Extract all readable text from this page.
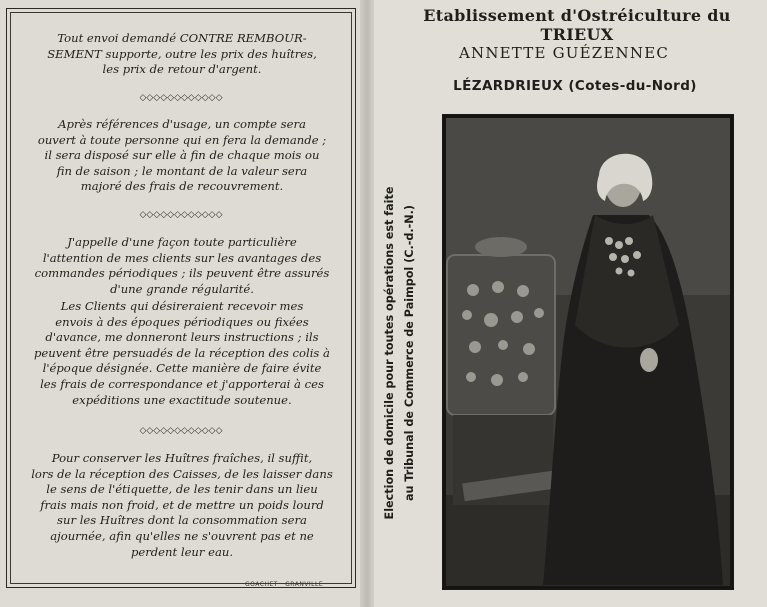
Tout envoi demandé CONTRE REMBOUR-
SEMENT supporte, outre les prix des huîtres,
les prix de retour d'argent.
◇◇◇◇◇◇◇◇◇◇◇◇
Après références d'usage, un compte sera
ouvert à toute personne qui en fera la demande ;
il sera disposé sur elle à fin de chaque mois ou
fin de saison ; le montant de la valeur sera
majoré des frais de recouvrement.
◇◇◇◇◇◇◇◇◇◇◇◇
J'appelle d'une façon toute particulière
l'attention de mes clients sur les avantages des
commandes périodiques ; ils peuvent être assurés
d'une grande régularité.
Les Clients qui désireraient recevoir mes
envois à des époques périodiques ou fixées
d'avance, me donneront leurs instructions ; ils
peuvent être persuadés de la réception des colis à
l'époque désignée. Cette manière de faire évite
les frais de correspondance et j'apporterai à ces
expéditions une exactitude soutenue.
◇◇◇◇◇◇◇◇◇◇◇◇
Pour conserver les Huîtres fraîches, il suffit,
lors de la réception des Caisses, de les laisser dans
le sens de l'étiquette, de les tenir dans un lieu
frais mais non froid, et de mettre un poids lourd
sur les Huîtres dont la consommation sera
ajournée, afin qu'elles ne s'ouvrent pas et ne
perdent leur eau.
GOACHET · GRANVILLE
Etablissement d'Ostréiculture du TRIEUX
ANNETTE GUÉZENNEC
LÉZARDRIEUX (Cotes-du-Nord)
Election de domicile pour toutes opérations est faite au Tribunal de Commerce de Paimpol (C.-d.-N.)
